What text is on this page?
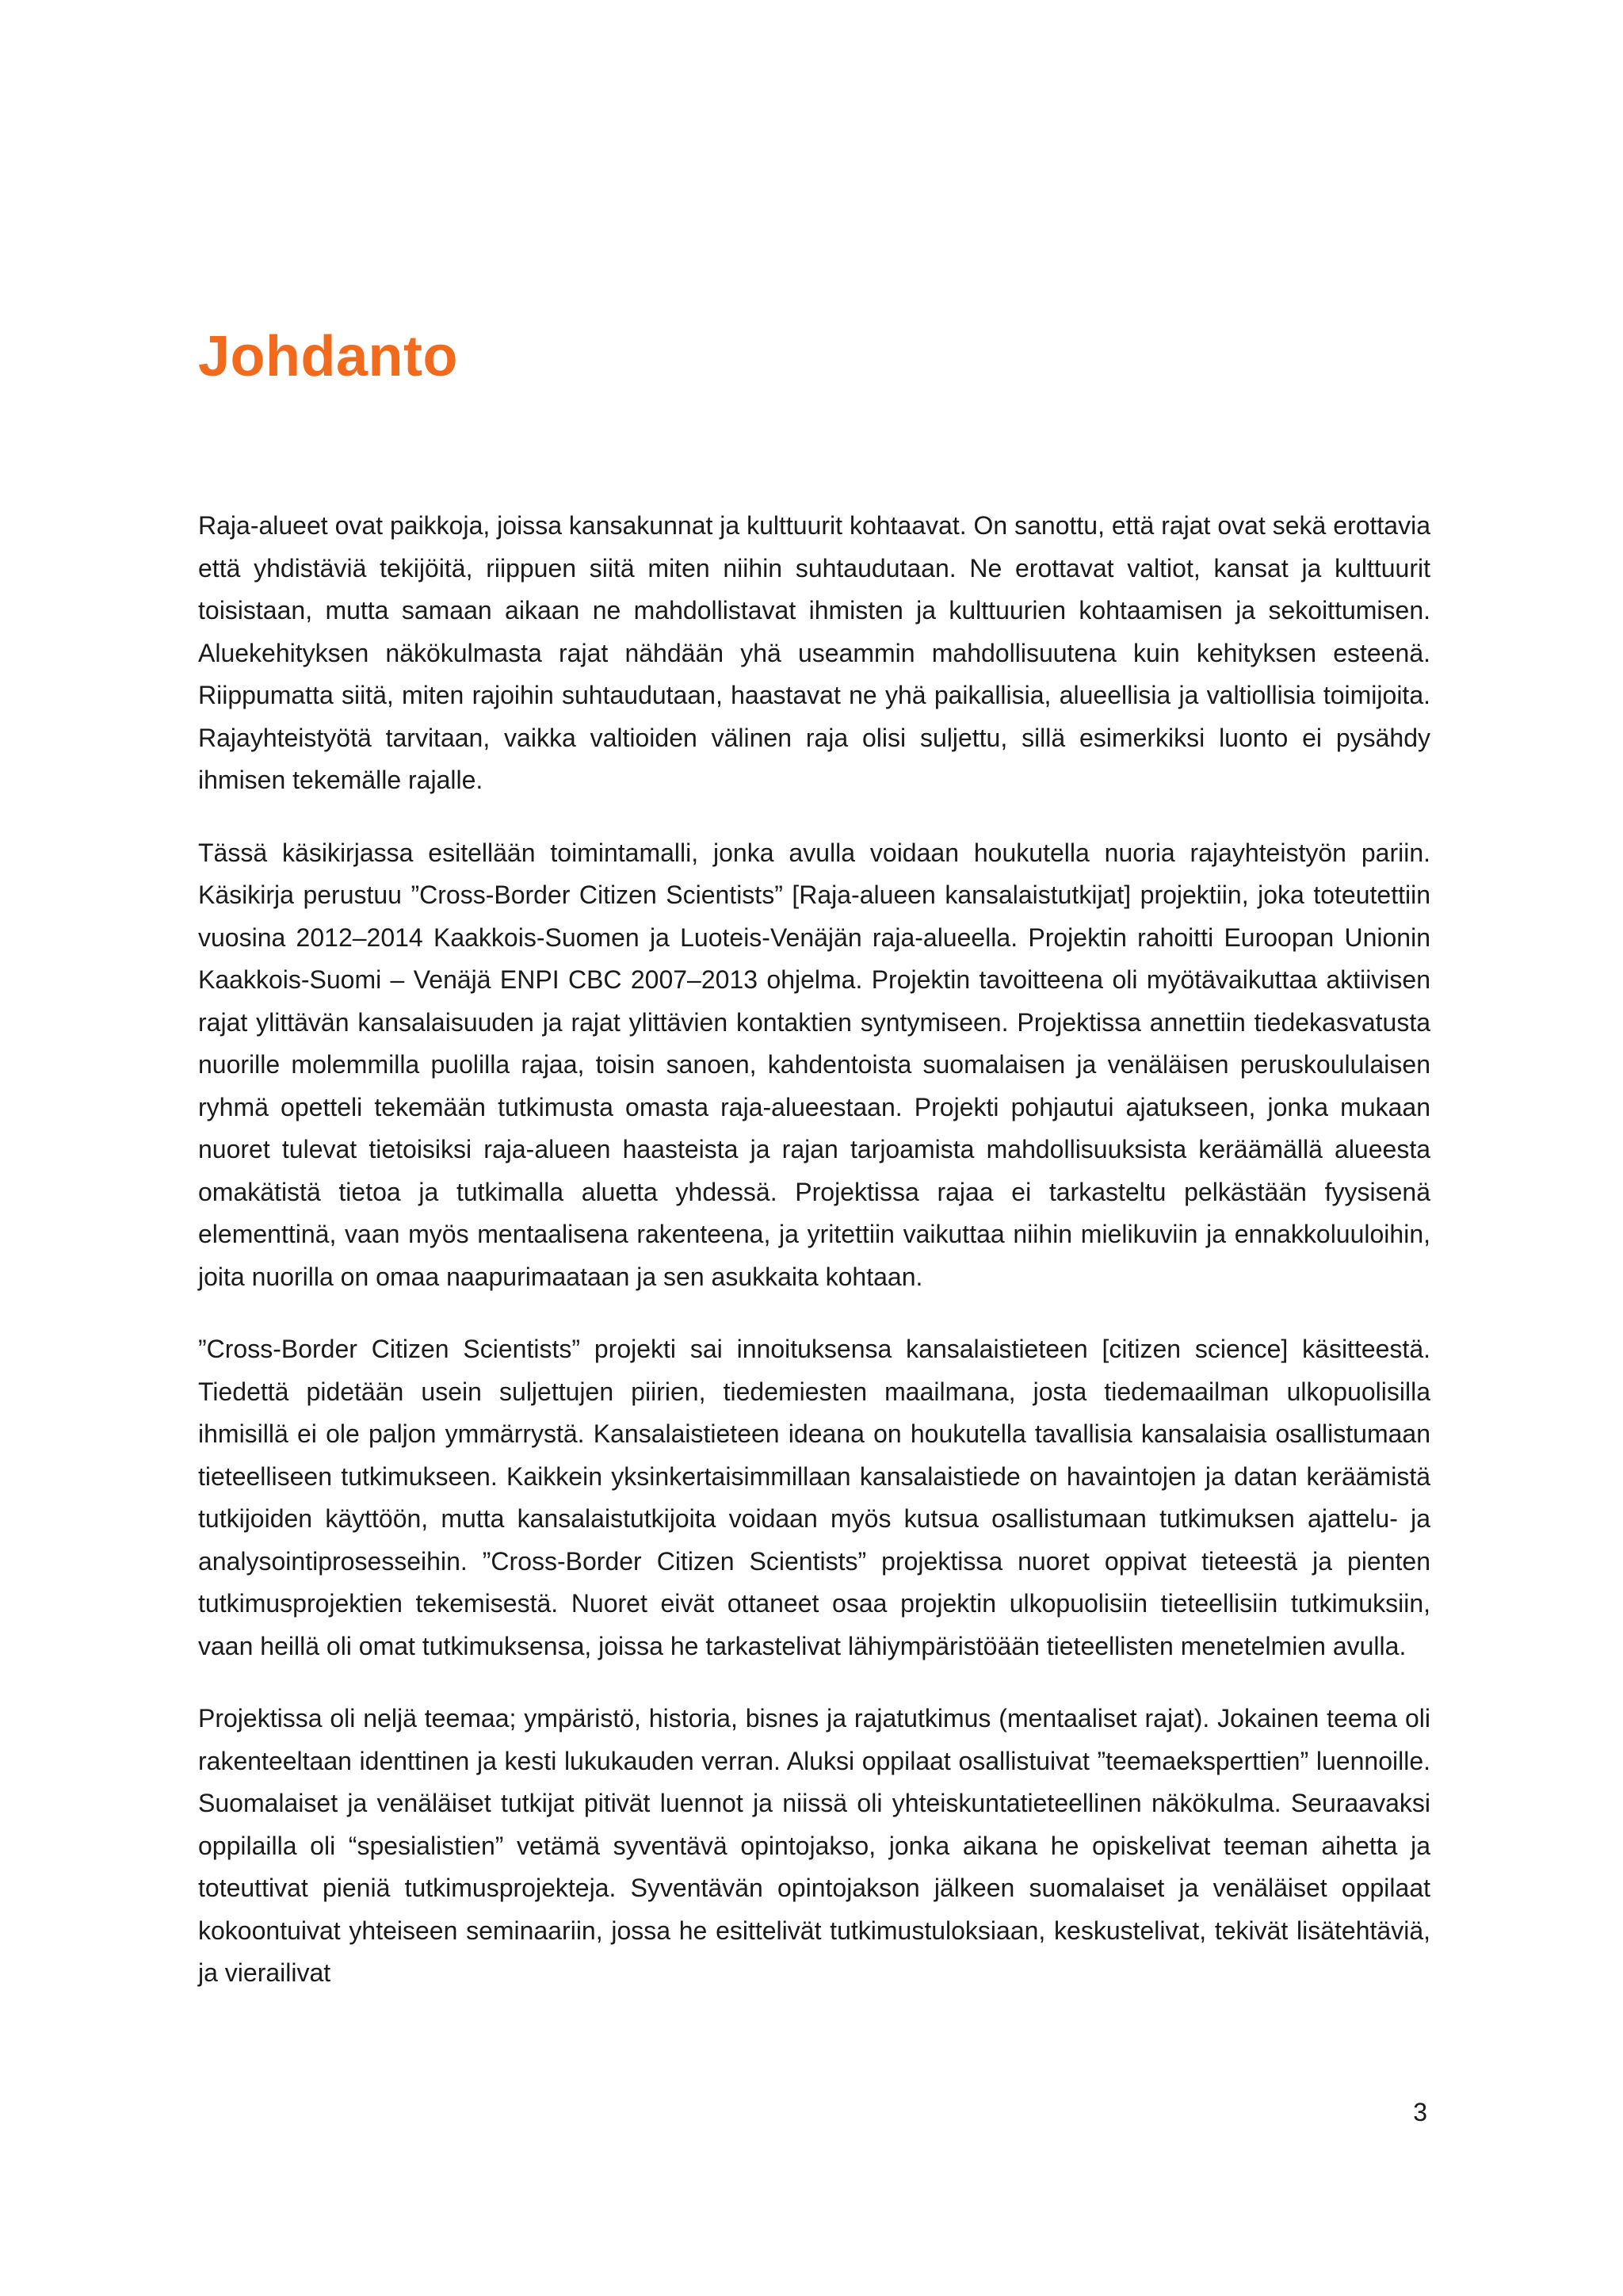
Johdanto

Raja-alueet ovat paikkoja, joissa kansakunnat ja kulttuurit kohtaavat. On sanottu, että rajat ovat sekä erottavia että yhdistäviä tekijöitä, riippuen siitä miten niihin suhtaudutaan. Ne erottavat valtiot, kansat ja kulttuurit toisistaan, mutta samaan aikaan ne mahdollistavat ihmisten ja kulttuurien kohtaamisen ja sekoittumisen. Aluekehityksen näkökulmasta rajat nähdään yhä useammin mahdollisuutena kuin kehityksen esteenä. Riippumatta siitä, miten rajoihin suhtaudutaan, haastavat ne yhä paikallisia, alueellisia ja valtiollisia toimijoita. Rajayhteistyötä tarvitaan, vaikka valtioiden välinen raja olisi suljettu, sillä esimerkiksi luonto ei pysähdy ihmisen tekemälle rajalle.

Tässä käsikirjassa esitellään toimintamalli, jonka avulla voidaan houkutella nuoria rajayhteistyön pariin. Käsikirja perustuu ”Cross-Border Citizen Scientists” [Raja-alueen kansalaistutkijat] projektiin, joka toteutettiin vuosina 2012–2014 Kaakkois-Suomen ja Luoteis-Venäjän raja-alueella. Projektin rahoitti Euroopan Unionin Kaakkois-Suomi – Venäjä ENPI CBC 2007–2013 ohjelma. Projektin tavoitteena oli myötävaikuttaa aktiivisen rajat ylittävän kansalaisuuden ja rajat ylittävien kontaktien syntymiseen. Projektissa annettiin tiedekasvatusta nuorille molemmilla puolilla rajaa, toisin sanoen, kahdentoista suomalaisen ja venäläisen peruskoululaisen ryhmä opetteli tekemään tutkimusta omasta raja-alueestaan. Projekti pohjautui ajatukseen, jonka mukaan nuoret tulevat tietoisiksi raja-alueen haasteista ja rajan tarjoamista mahdollisuuksista keräämällä alueesta omakätistä tietoa ja tutkimalla aluetta yhdessä. Projektissa rajaa ei tarkasteltu pelkästään fyysisenä elementtinä, vaan myös mentaalisena rakenteena, ja yritettiin vaikuttaa niihin mielikuviin ja ennakkoluuloihin, joita nuorilla on omaa naapurimaataan ja sen asukkaita kohtaan.

”Cross-Border Citizen Scientists” projekti sai innoituksensa kansalaistieteen [citizen science] käsitteestä. Tiedettä pidetään usein suljettujen piirien, tiedemiesten maailmana, josta tiedemaailman ulkopuolisilla ihmisillä ei ole paljon ymmärrystä. Kansalaistieteen ideana on houkutella tavallisia kansalaisia osallistumaan tieteelliseen tutkimukseen. Kaikkein yksinkertaisimmillaan kansalaistiede on havaintojen ja datan keräämistä tutkijoiden käyttöön, mutta kansalaistutkijoita voidaan myös kutsua osallistumaan tutkimuksen ajattelu- ja analysointiprosesseihin. ”Cross-Border Citizen Scientists” projektissa nuoret oppivat tieteestä ja pienten tutkimusprojektien tekemisestä. Nuoret eivät ottaneet osaa projektin ulkopuolisiin tieteellisiin tutkimuksiin, vaan heillä oli omat tutkimuksensa, joissa he tarkastelivat lähiympäristöään tieteellisten menetelmien avulla.

Projektissa oli neljä teemaa; ympäristö, historia, bisnes ja rajatutkimus (mentaaliset rajat). Jokainen teema oli rakenteeltaan identtinen ja kesti lukukauden verran. Aluksi oppilaat osallistuivat ”teemaeksperttien” luennoille. Suomalaiset ja venäläiset tutkijat pitivät luennot ja niissä oli yhteiskuntatieteellinen näkökulma. Seuraavaksi oppilailla oli “spesialistien” vetämä syventävä opintojakso, jonka aikana he opiskelivat teeman aihetta ja toteuttivat pieniä tutkimusprojekteja. Syventävän opintojakson jälkeen suomalaiset ja venäläiset oppilaat kokoontuivat yhteiseen seminaariin, jossa he esittelivät tutkimustuloksiaan, keskustelivat, tekivät lisätehtäviä, ja vierailivat

3
